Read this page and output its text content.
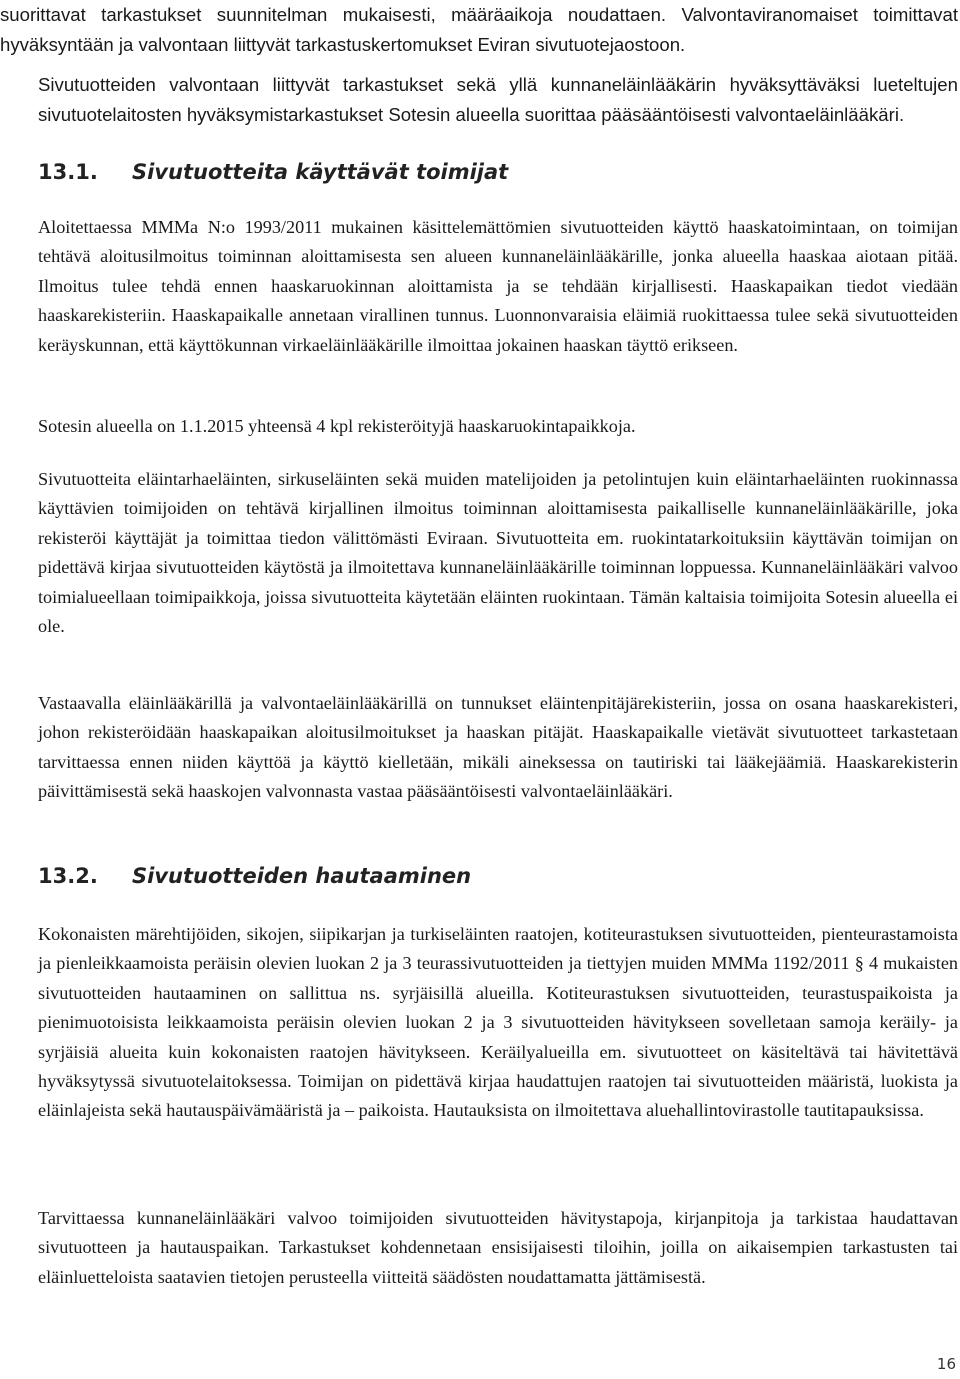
suorittavat tarkastukset suunnitelman mukaisesti, määräaikoja noudattaen. Valvontaviranomaiset toimittavat hyväksyntään ja valvontaan liittyvät tarkastuskertomukset Eviran sivutuotejaostoon.

Sivutuotteiden valvontaan liittyvät tarkastukset sekä yllä kunnaneläinlääkärin hyväksyttäväksi lueteltujen sivutuotelaitosten hyväksymistarkastukset Sotesin alueella suorittaa pääsääntöisesti valvontaeläinlääkäri.

13.1. Sivutuotteita käyttävät toimijat

Aloitettaessa MMMa N:o 1993/2011 mukainen käsittelemättömien sivutuotteiden käyttö haaskatoimintaan, on toimijan tehtävä aloitusilmoitus toiminnan aloittamisesta sen alueen kunnaneläinlääkärille, jonka alueella haaskaa aiotaan pitää. Ilmoitus tulee tehdä ennen haaskaruokinnan aloittamista ja se tehdään kirjallisesti. Haaskapaikan tiedot viedään haaskarekisteriin. Haaskapaikalle annetaan virallinen tunnus. Luonnonvaraisia eläimiä ruokittaessa tulee sekä sivutuotteiden keräyskunnan, että käyttökunnan virkaeläinlääkärille ilmoittaa jokainen haaskan täyttö erikseen.

Sotesin alueella on 1.1.2015 yhteensä 4 kpl rekisteröityjä haaskaruokintapaikkoja.

Sivutuotteita eläintarhaeläinten, sirkuseläinten sekä muiden matelijoiden ja petolintujen kuin eläintarhaeläinten ruokinnassa käyttävien toimijoiden on tehtävä kirjallinen ilmoitus toiminnan aloittamisesta paikalliselle kunnaneläinlääkärille, joka rekisteröi käyttäjät ja toimittaa tiedon välittömästi Eviraan. Sivutuotteita em. ruokintatarkoituksiin käyttävän toimijan on pidettävä kirjaa sivutuotteiden käytöstä ja ilmoitettava kunnaneläinlääkärille toiminnan loppuessa. Kunnaneläinlääkäri valvoo toimialueellaan toimipaikkoja, joissa sivutuotteita käytetään eläinten ruokintaan. Tämän kaltaisia toimijoita Sotesin alueella ei ole.

Vastaavalla eläinlääkärillä ja valvontaeläinlääkärillä on tunnukset eläintenpitäjärekisteriin, jossa on osana haaskarekisteri, johon rekisteröidään haaskapaikan aloitusilmoitukset ja haaskan pitäjät. Haaskapaikalle vietävät sivutuotteet tarkastetaan tarvittaessa ennen niiden käyttöä ja käyttö kielletään, mikäli aineksessa on tautiriski tai lääkejäämiä. Haaskarekisterin päivittämisestä sekä haaskojen valvonnasta vastaa pääsääntöisesti valvontaeläinlääkäri.

13.2. Sivutuotteiden hautaaminen

Kokonaisten märehtijöiden, sikojen, siipikarjan ja turkiseläinten raatojen, kotiteurastuksen sivutuotteiden, pienteurastamoista ja pienleikkaamoista peräisin olevien luokan 2 ja 3 teurassivutuotteiden ja tiettyjen muiden MMMa 1192/2011 § 4 mukaisten sivutuotteiden hautaaminen on sallittua ns. syrjäisillä alueilla. Kotiteurastuksen sivutuotteiden, teurastuspaikoista ja pienimuotoisista leikkaamoista peräisin olevien luokan 2 ja 3 sivutuotteiden hävitykseen sovelletaan samoja keräily- ja syrjäisiä alueita kuin kokonaisten raatojen hävitykseen. Keräilyalueilla em. sivutuotteet on käsiteltävä tai hävitettävä hyväksytyssä sivutuotelaitoksessa. Toimijan on pidettävä kirjaa haudattujen raatojen tai sivutuotteiden määristä, luokista ja eläinlajeista sekä hautauspäivämääristä ja – paikoista. Hautauksista on ilmoitettava aluehallintovirastolle tautitapauksissa.

Tarvittaessa kunnaneläinlääkäri valvoo toimijoiden sivutuotteiden hävitystapoja, kirjanpitoja ja tarkistaa haudattavan sivutuotteen ja hautauspaikan. Tarkastukset kohdennetaan ensisijaisesti tiloihin, joilla on aikaisempien tarkastusten tai eläinluetteloista saatavien tietojen perusteella viitteitä säädösten noudattamatta jättämisestä.

16
